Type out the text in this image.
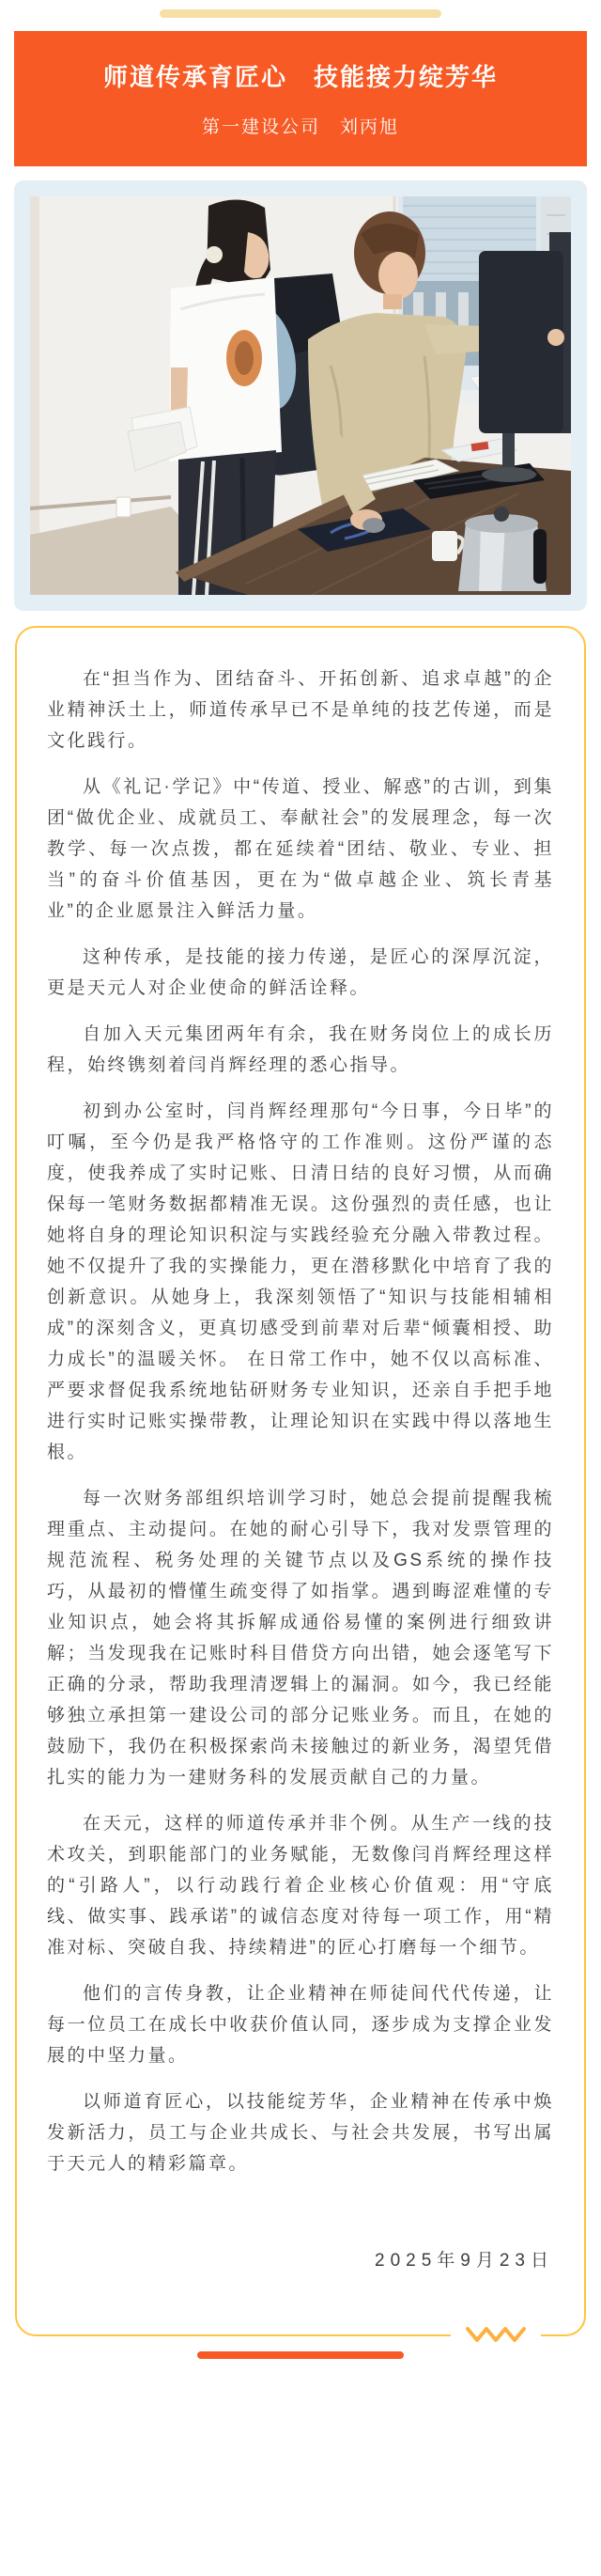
师道传承育匠心　技能接力绽芳华
第一建设公司　刘丙旭

在“担当作为、团结奋斗、开拓创新、追求卓越”的企业精神沃土上，师道传承早已不是单纯的技艺传递，而是文化践行。

从《礼记·学记》中“传道、授业、解惑”的古训，到集团“做优企业、成就员工、奉献社会”的发展理念，每一次教学、每一次点拨，都在延续着“团结、敬业、专业、担当”的奋斗价值基因，更在为“做卓越企业、筑长青基业”的企业愿景注入鲜活力量。

这种传承，是技能的接力传递，是匠心的深厚沉淀，更是天元人对企业使命的鲜活诠释。

自加入天元集团两年有余，我在财务岗位上的成长历程，始终镌刻着闫肖辉经理的悉心指导。

初到办公室时，闫肖辉经理那句“今日事，今日毕”的叮嘱，至今仍是我严格恪守的工作准则。这份严谨的态度，使我养成了实时记账、日清日结的良好习惯，从而确保每一笔财务数据都精准无误。这份强烈的责任感，也让她将自身的理论知识积淀与实践经验充分融入带教过程。她不仅提升了我的实操能力，更在潜移默化中培育了我的创新意识。从她身上，我深刻领悟了“知识与技能相辅相成”的深刻含义，更真切感受到前辈对后辈“倾囊相授、助力成长”的温暖关怀。 在日常工作中，她不仅以高标准、严要求督促我系统地钻研财务专业知识，还亲自手把手地进行实时记账实操带教，让理论知识在实践中得以落地生根。

每一次财务部组织培训学习时，她总会提前提醒我梳理重点、主动提问。在她的耐心引导下，我对发票管理的规范流程、税务处理的关键节点以及GS系统的操作技巧，从最初的懵懂生疏变得了如指掌。遇到晦涩难懂的专业知识点，她会将其拆解成通俗易懂的案例进行细致讲解；当发现我在记账时科目借贷方向出错，她会逐笔写下正确的分录，帮助我理清逻辑上的漏洞。如今，我已经能够独立承担第一建设公司的部分记账业务。而且，在她的鼓励下，我仍在积极探索尚未接触过的新业务，渴望凭借扎实的能力为一建财务科的发展贡献自己的力量。

在天元，这样的师道传承并非个例。从生产一线的技术攻关，到职能部门的业务赋能，无数像闫肖辉经理这样的“引路人”，以行动践行着企业核心价值观：用“守底线、做实事、践承诺”的诚信态度对待每一项工作，用“精准对标、突破自我、持续精进”的匠心打磨每一个细节。

他们的言传身教，让企业精神在师徒间代代传递，让每一位员工在成长中收获价值认同，逐步成为支撑企业发展的中坚力量。

以师道育匠心，以技能绽芳华，企业精神在传承中焕发新活力，员工与企业共成长、与社会共发展，书写出属于天元人的精彩篇章。

2025年9月23日
